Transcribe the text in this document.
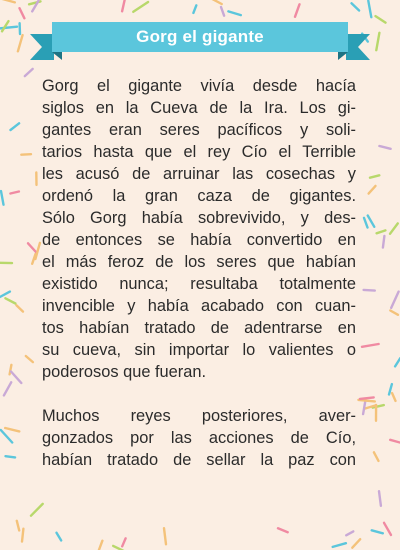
Gorg el gigante

Gorg el gigante vivía desde hacía
siglos en la Cueva de la Ira. Los gi-
gantes eran seres pacíficos y soli-
tarios hasta que el rey Cío el Terrible
les acusó de arruinar las cosechas y
ordenó la gran caza de gigantes.
Sólo Gorg había sobrevivido, y des-
de entonces se había convertido en
el más feroz de los seres que habían
existido nunca; resultaba totalmente
invencible y había acabado con cuan-
tos habían tratado de adentrarse en
su cueva, sin importar lo valientes o
poderosos que fueran.

Muchos reyes posteriores, aver-
gonzados por las acciones de Cío,
habían tratado de sellar la paz con
